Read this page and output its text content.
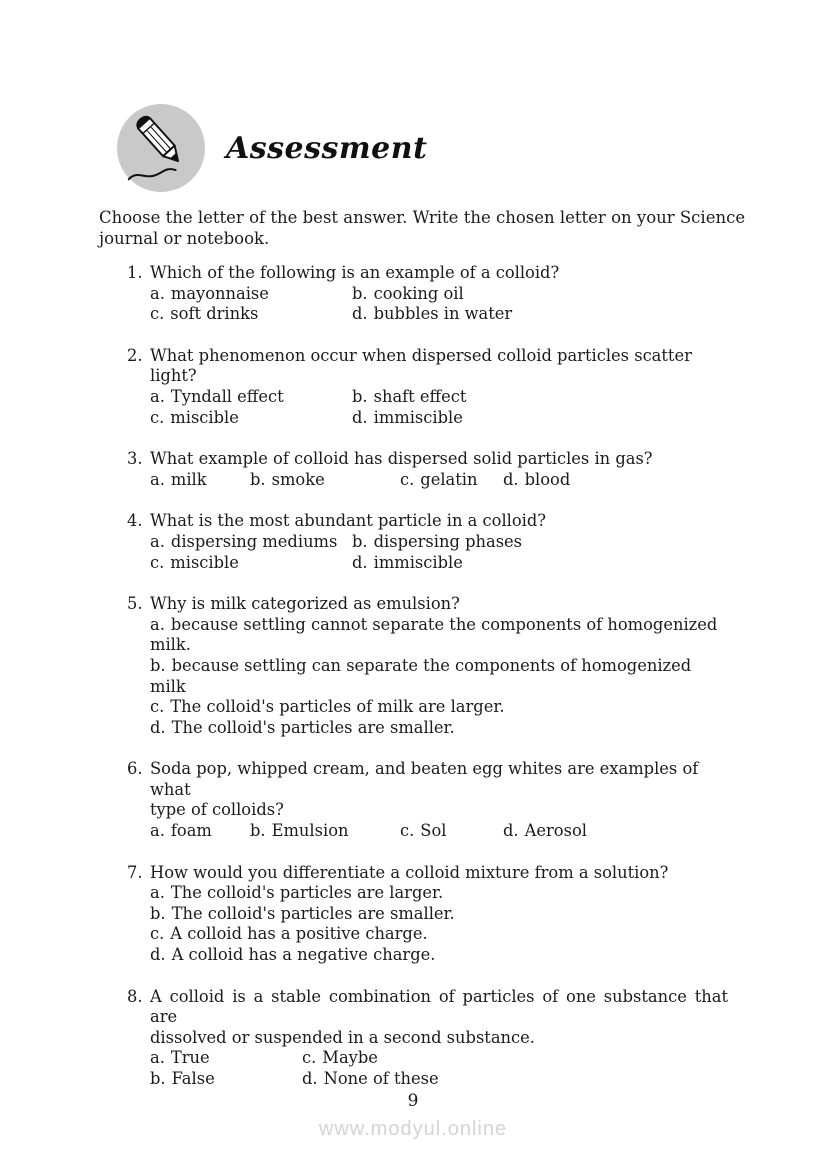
Assessment
Choose the letter of the best answer. Write the chosen letter on your Science
journal or notebook.
1. Which of the following is an example of a colloid?
a. mayonnaise	b. cooking oil
c. soft drinks	d. bubbles in water
2. What phenomenon occur when dispersed colloid particles scatter light?
a. Tyndall effect	b. shaft effect
c. miscible	d. immiscible
3. What example of colloid has dispersed solid particles in gas?
a. milk	b. smoke	c. gelatin	d. blood
4. What is the most abundant particle in a colloid?
a. dispersing mediums b. dispersing phases
c. miscible	d. immiscible
5. Why is milk categorized as emulsion?
a. because settling cannot separate the components of homogenized milk.
b. because settling can separate the components of homogenized milk
c. The colloid's particles of milk are larger.
d. The colloid's particles are smaller.
6. Soda pop, whipped cream, and beaten egg whites are examples of what
type of colloids?
a. foam	b. Emulsion	c. Sol	d. Aerosol
7. How would you differentiate a colloid mixture from a solution?
a. The colloid's particles are larger.
b. The colloid's particles are smaller.
c. A colloid has a positive charge.
d. A colloid has a negative charge.
8. A colloid is a stable combination of particles of one substance that are
dissolved or suspended in a second substance.
a. True	c. Maybe
b. False	d. None of these
9
www.modyul.online
